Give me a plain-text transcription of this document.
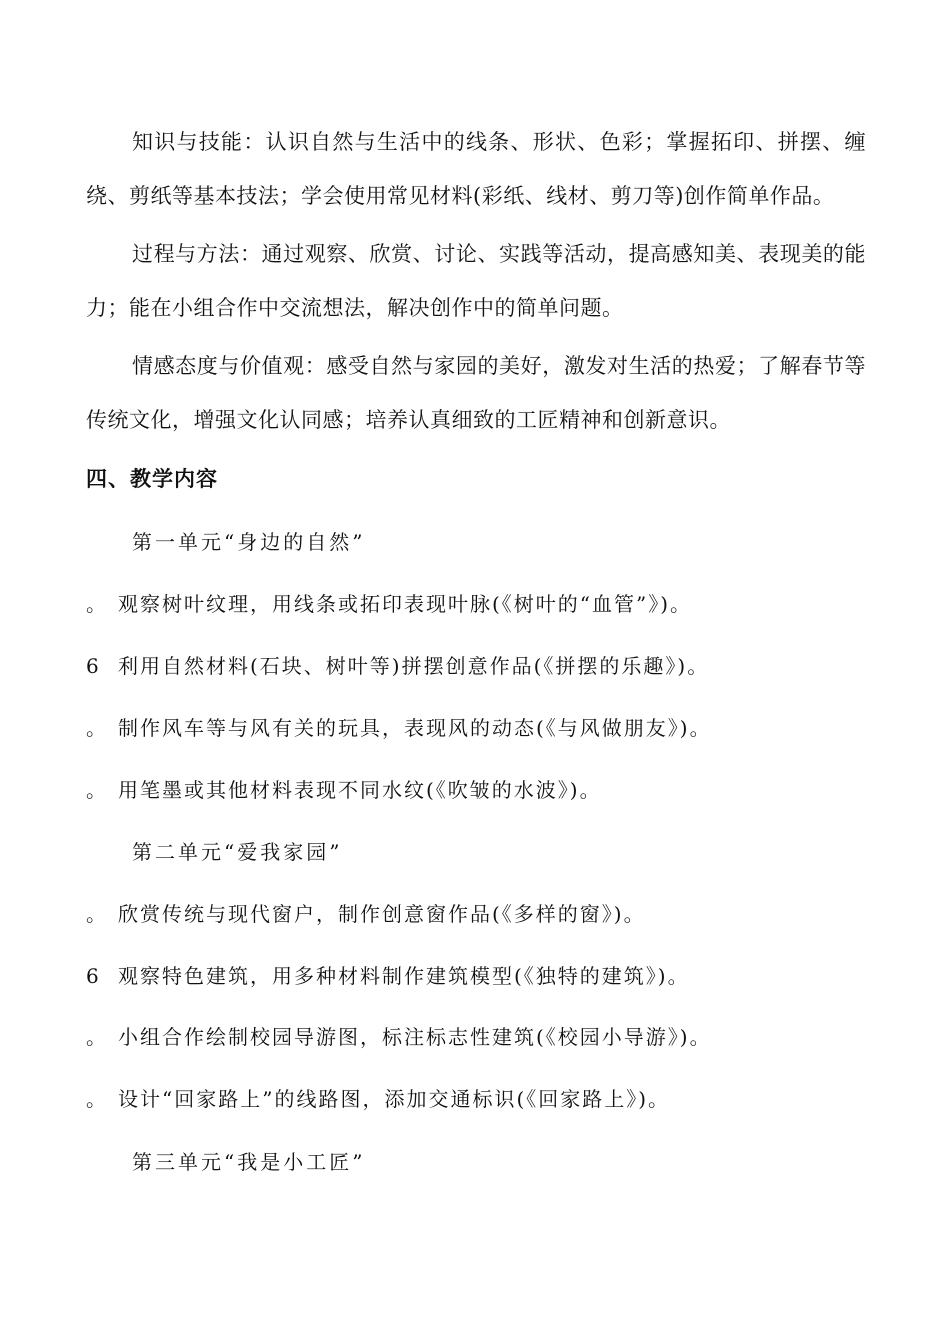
知识与技能：认识自然与生活中的线条、形状、色彩；掌握拓印、拼摆、缠绕、剪纸等基本技法；学会使用常见材料(彩纸、线材、剪刀等)创作简单作品。

过程与方法：通过观察、欣赏、讨论、实践等活动，提高感知美、表现美的能力；能在小组合作中交流想法，解决创作中的简单问题。

情感态度与价值观：感受自然与家园的美好，激发对生活的热爱；了解春节等传统文化，增强文化认同感；培养认真细致的工匠精神和创新意识。

四、教学内容

第一单元“身边的自然”

。 观察树叶纹理，用线条或拓印表现叶脉(《树叶的“血管”》)。

6 利用自然材料(石块、树叶等)拼摆创意作品(《拼摆的乐趣》)。

。 制作风车等与风有关的玩具，表现风的动态(《与风做朋友》)。

。 用笔墨或其他材料表现不同水纹(《吹皱的水波》)。

第二单元“爱我家园”

。 欣赏传统与现代窗户，制作创意窗作品(《多样的窗》)。

6 观察特色建筑，用多种材料制作建筑模型(《独特的建筑》)。

。 小组合作绘制校园导游图，标注标志性建筑(《校园小导游》)。

。 设计“回家路上”的线路图，添加交通标识(《回家路上》)。

第三单元“我是小工匠”
